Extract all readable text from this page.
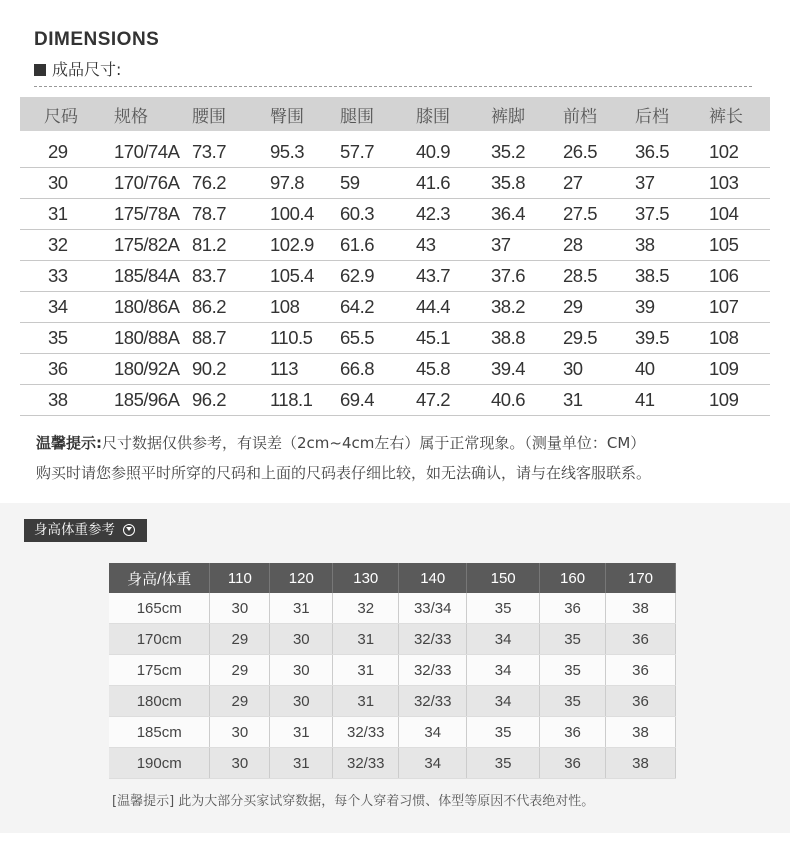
DIMENSIONS
成品尺寸:
尺码	规格	腰围	臀围	腿围	膝围	裤脚	前档	后档	裤长

29	170/74A	73.7	95.3	57.7	40.9	35.2	26.5	36.5	102
30	170/76A	76.2	97.8	59	41.6	35.8	27	37	103
31	175/78A	78.7	100.4	60.3	42.3	36.4	27.5	37.5	104
32	175/82A	81.2	102.9	61.6	43	37	28	38	105
33	185/84A	83.7	105.4	62.9	43.7	37.6	28.5	38.5	106
34	180/86A	86.2	108	64.2	44.4	38.2	29	39	107
35	180/88A	88.7	110.5	65.5	45.1	38.8	29.5	39.5	108
36	180/92A	90.2	113	66.8	45.8	39.4	30	40	109
38	185/96A	96.2	118.1	69.4	47.2	40.6	31	41	109
温馨提示:尺寸数据仅供参考，有误差（2cm~4cm左右）属于正常现象。（测量单位：CM）
购买时请您参照平时所穿的尺码和上面的尺码表仔细比较，如无法确认，请与在线客服联系。
身高体重参考
身高/体重	110	120	130	140	150	160	170
165cm	30	31	32	33/34	35	36	38
170cm	29	30	31	32/33	34	35	36
175cm	29	30	31	32/33	34	35	36
180cm	29	30	31	32/33	34	35	36
185cm	30	31	32/33	34	35	36	38
190cm	30	31	32/33	34	35	36	38
[温馨提示] 此为大部分买家试穿数据，每个人穿着习惯、体型等原因不代表绝对性。
